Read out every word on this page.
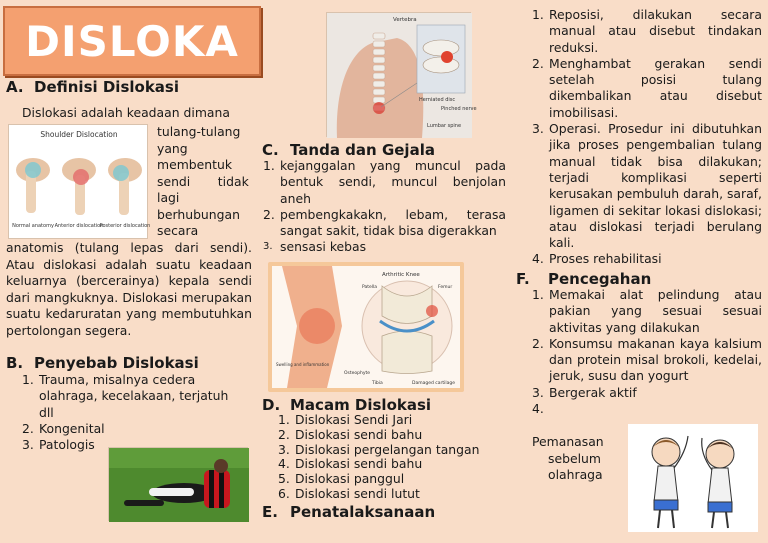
DISLOKA
A. Definisi Dislokasi
Dislokasi adalah keadaan dimana
Shoulder Dislocation
Normal anatomy Anterior dislocation
Posterior dislocation
tulang-tulang
yang
membentuk
sendi       tidak
lagi
berhubungan
secara
anatomis (tulang lepas dari sendi). Atau dislokasi adalah suatu keadaan keluarnya (bercerainya) kepala sendi dari mangkuknya. Dislokasi merupakan suatu kedaruratan yang membutuhkan pertolongan segera.
B. Penyebab Dislokasi
1. Trauma, misalnya cedera olahraga, kecelakaan, terjatuh dll
2. Kongenital
3. Patologis
Vertebra
Herniated disc
Pinched nerve
Lumbar spine
C. Tanda dan Gejala
1. kejanggalan yang muncul pada bentuk sendi, muncul benjolan aneh
2. pembengkakakn, lebam, terasa sangat sakit, tidak bisa digerakkan
3. sensasi kebas
Arthritic Knee
Patella	Femur
Swelling and inflammation
Osteophyte
Tibia	Damaged cartilage
D. Macam Dislokasi
1. Dislokasi Sendi Jari
2. Dislokasi sendi bahu
3. Dislokasi pergelangan tangan
4. Dislokasi sendi bahu
5. Dislokasi panggul
6. Dislokasi sendi lutut
E. Penatalaksanaan
1. Reposisi, dilakukan secara manual atau disebut tindakan reduksi.
2. Menghambat gerakan sendi setelah posisi tulang dikembalikan atau disebut imobilisasi.
3. Operasi. Prosedur ini dibutuhkan jika proses pengembalian tulang manual tidak bisa dilakukan; terjadi komplikasi seperti kerusakan pembuluh darah, saraf, ligamen di sekitar lokasi dislokasi; atau dislokasi terjadi berulang kali.
4. Proses rehabilitasi
F. Pencegahan
1. Memakai alat pelindung atau pakian yang sesuai sesuai aktivitas yang dilakukan
2. Konsumsu makanan kaya kalsium dan protein misal brokoli, kedelai, jeruk, susu dan yogurt
3. Bergerak aktif
4.
Pemanasan
sebelum
olahraga
